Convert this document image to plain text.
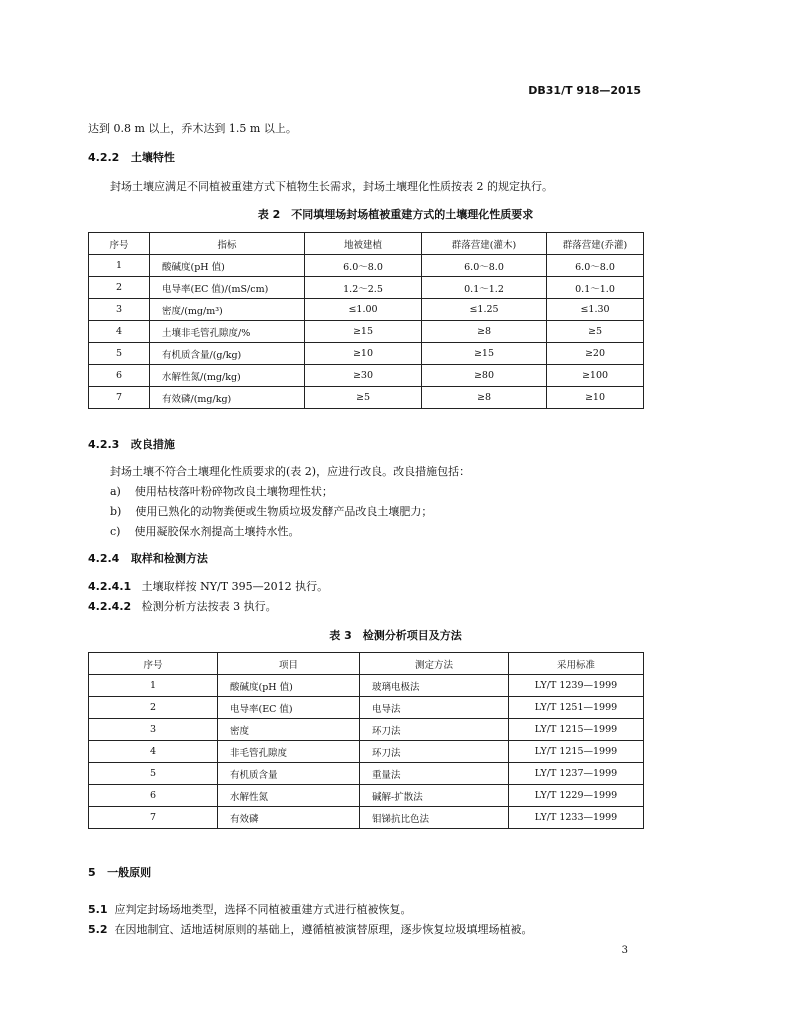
DB31/T 918—2015
达到 0.8 m 以上，乔木达到 1.5 m 以上。
4.2.2 土壤特性
封场土壤应满足不同植被重建方式下植物生长需求，封场土壤理化性质按表 2 的规定执行。
表 2　不同填埋场封场植被重建方式的土壤理化性质要求
序号	指标	地被建植	群落营建(灌木)	群落营建(乔灌)
1	酸碱度(pH 值)	6.0～8.0	6.0～8.0	6.0～8.0
2	电导率(EC 值)/(mS/cm)	1.2～2.5	0.1～1.2	0.1～1.0
3	密度/(mg/m³)	≤1.00	≤1.25	≤1.30
4	土壤非毛管孔隙度/%	≥15	≥8	≥5
5	有机质含量/(g/kg)	≥10	≥15	≥20
6	水解性氮/(mg/kg)	≥30	≥80	≥100
7	有效磷/(mg/kg)	≥5	≥8	≥10
4.2.3 改良措施
封场土壤不符合土壤理化性质要求的(表 2)，应进行改良。改良措施包括：
a) 使用枯枝落叶粉碎物改良土壤物理性状；
b) 使用已熟化的动物粪便或生物质垃圾发酵产品改良土壤肥力；
c) 使用凝胶保水剂提高土壤持水性。
4.2.4 取样和检测方法
4.2.4.1 土壤取样按 NY/T 395—2012 执行。
4.2.4.2 检测分析方法按表 3 执行。
表 3　检测分析项目及方法
序号	项目	测定方法	采用标准
1	酸碱度(pH 值)	玻璃电极法	LY/T 1239—1999
2	电导率(EC 值)	电导法	LY/T 1251—1999
3	密度	环刀法	LY/T 1215—1999
4	非毛管孔隙度	环刀法	LY/T 1215—1999
5	有机质含量	重量法	LY/T 1237—1999
6	水解性氮	碱解-扩散法	LY/T 1229—1999
7	有效磷	钼锑抗比色法	LY/T 1233—1999
5 一般原则
5.1 应判定封场场地类型，选择不同植被重建方式进行植被恢复。
5.2 在因地制宜、适地适树原则的基础上，遵循植被演替原理，逐步恢复垃圾填埋场植被。
3
